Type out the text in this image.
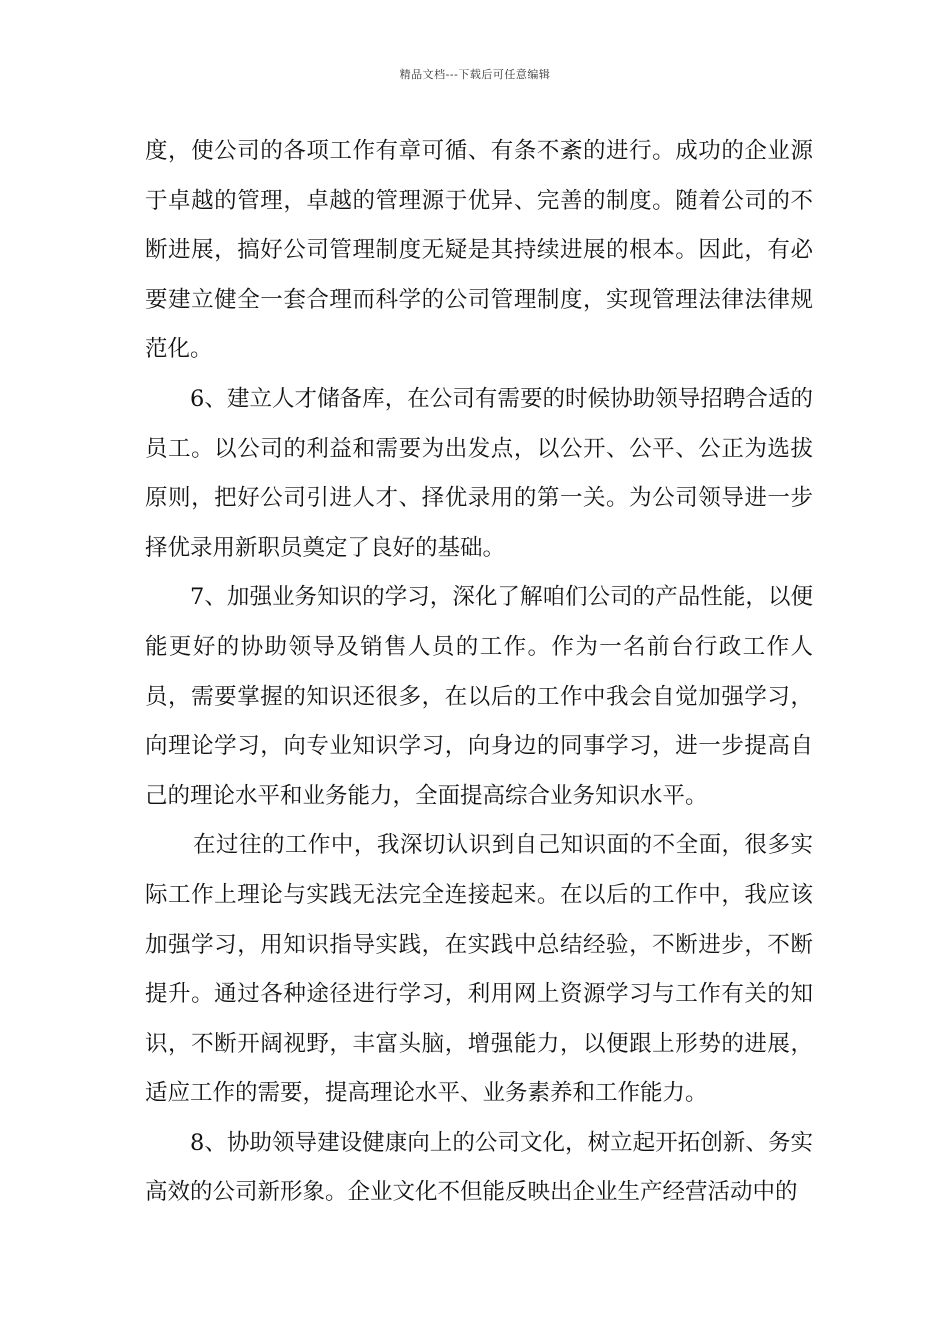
精品文档---下载后可任意编辑

度，使公司的各项工作有章可循、有条不紊的进行。成功的企业源于卓越的管理，卓越的管理源于优异、完善的制度。随着公司的不断进展，搞好公司管理制度无疑是其持续进展的根本。因此，有必要建立健全一套合理而科学的公司管理制度，实现管理法律法律规范化。

6、建立人才储备库，在公司有需要的时候协助领导招聘合适的员工。以公司的利益和需要为出发点，以公开、公平、公正为选拔原则，把好公司引进人才、择优录用的第一关。为公司领导进一步择优录用新职员奠定了良好的基础。

7、加强业务知识的学习，深化了解咱们公司的产品性能，以便能更好的协助领导及销售人员的工作。作为一名前台行政工作人员，需要掌握的知识还很多，在以后的工作中我会自觉加强学习，向理论学习，向专业知识学习，向身边的同事学习，进一步提高自己的理论水平和业务能力，全面提高综合业务知识水平。

在过往的工作中，我深切认识到自己知识面的不全面，很多实际工作上理论与实践无法完全连接起来。在以后的工作中，我应该加强学习，用知识指导实践，在实践中总结经验，不断进步，不断提升。通过各种途径进行学习，利用网上资源学习与工作有关的知识，不断开阔视野，丰富头脑，增强能力，以便跟上形势的进展，适应工作的需要，提高理论水平、业务素养和工作能力。

8、协助领导建设健康向上的公司文化，树立起开拓创新、务实高效的公司新形象。企业文化不但能反映出企业生产经营活动中的
